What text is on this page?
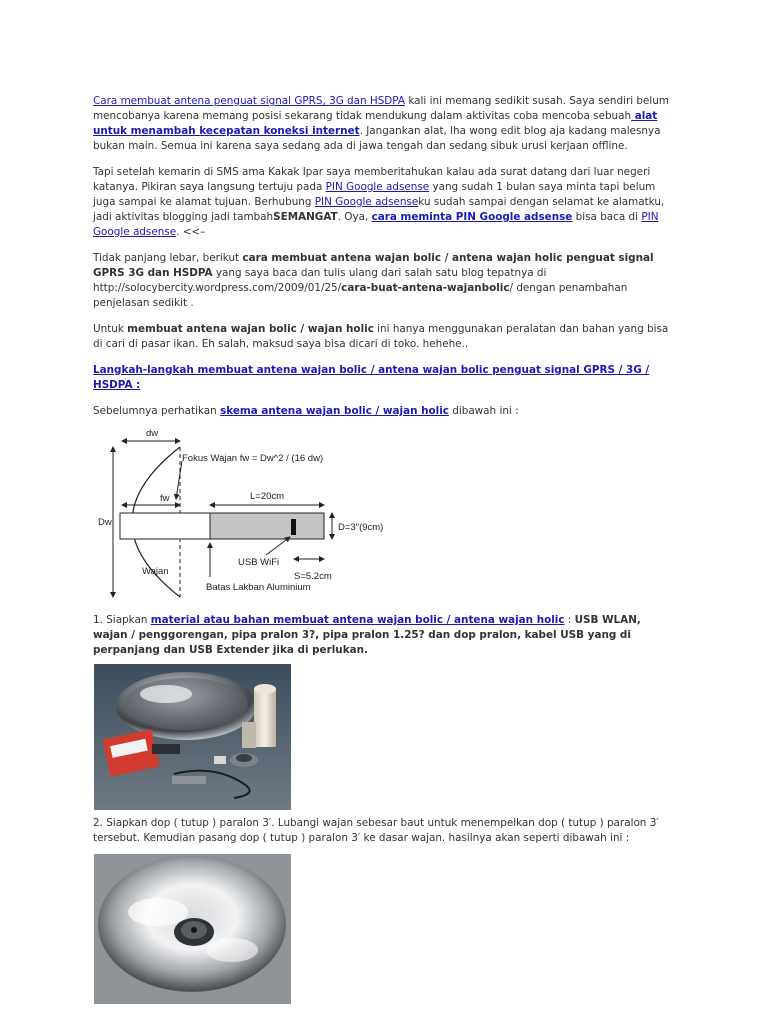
Cara membuat antena penguat signal GPRS, 3G dan HSDPA kali ini memang sedikit susah. Saya sendiri belum mencobanya karena memang posisi sekarang tidak mendukung dalam aktivitas coba mencoba sebuah alat untuk menambah kecepatan koneksi internet. Jangankan alat, lha wong edit blog aja kadang malesnya bukan main. Semua ini karena saya sedang ada di jawa tengah dan sedang sibuk urusi kerjaan offline.

Tapi setelah kemarin di SMS ama Kakak Ipar saya memberitahukan kalau ada surat datang dari luar negeri katanya. Pikiran saya langsung tertuju pada PIN Google adsense yang sudah 1 bulan saya minta tapi belum juga sampai ke alamat tujuan. Berhubung PIN Google adsenseku sudah sampai dengan selamat ke alamatku, jadi aktivitas blogging jadi tambahSEMANGAT. Oya, cara meminta PIN Google adsense bisa baca di PIN Google adsense. <<–

Tidak panjang lebar, berikut cara membuat antena wajan bolic / antena wajan holic penguat signal GPRS 3G dan HSDPA yang saya baca dan tulis ulang dari salah satu blog tepatnya di http://solocybercity.wordpress.com/2009/01/25/cara-buat-antena-wajanbolic/ dengan penambahan penjelasan sedikit .

Untuk membuat antena wajan bolic / wajan holic ini hanya menggunakan peralatan dan bahan yang bisa di cari di pasar ikan. Eh salah, maksud saya bisa dicari di toko. hehehe..

Langkah-langkah membuat antena wajan bolic / antena wajan bolic penguat signal GPRS / 3G / HSDPA :

Sebelumnya perhatikan skema antena wajan bolic / wajan holic dibawah ini :

dw
Dw
Fokus Wajan fw = Dw^2 / (16 dw)
fw	L=20cm
D=3"(9cm)
USB WiFi
S=5.2cm
Batas Lakban Aluminium
Wajan

1. Siapkan material atau bahan membuat antena wajan bolic / antena wajan holic : USB WLAN, wajan / penggorengan, pipa pralon 3?, pipa pralon 1.25? dan dop pralon, kabel USB yang di perpanjang dan USB Extender jika di perlukan.

2. Siapkan dop ( tutup ) paralon 3′. Lubangi wajan sebesar baut untuk menempelkan dop ( tutup ) paralon 3′ tersebut. Kemudian pasang dop ( tutup ) paralon 3′ ke dasar wajan. hasilnya akan seperti dibawah ini :
